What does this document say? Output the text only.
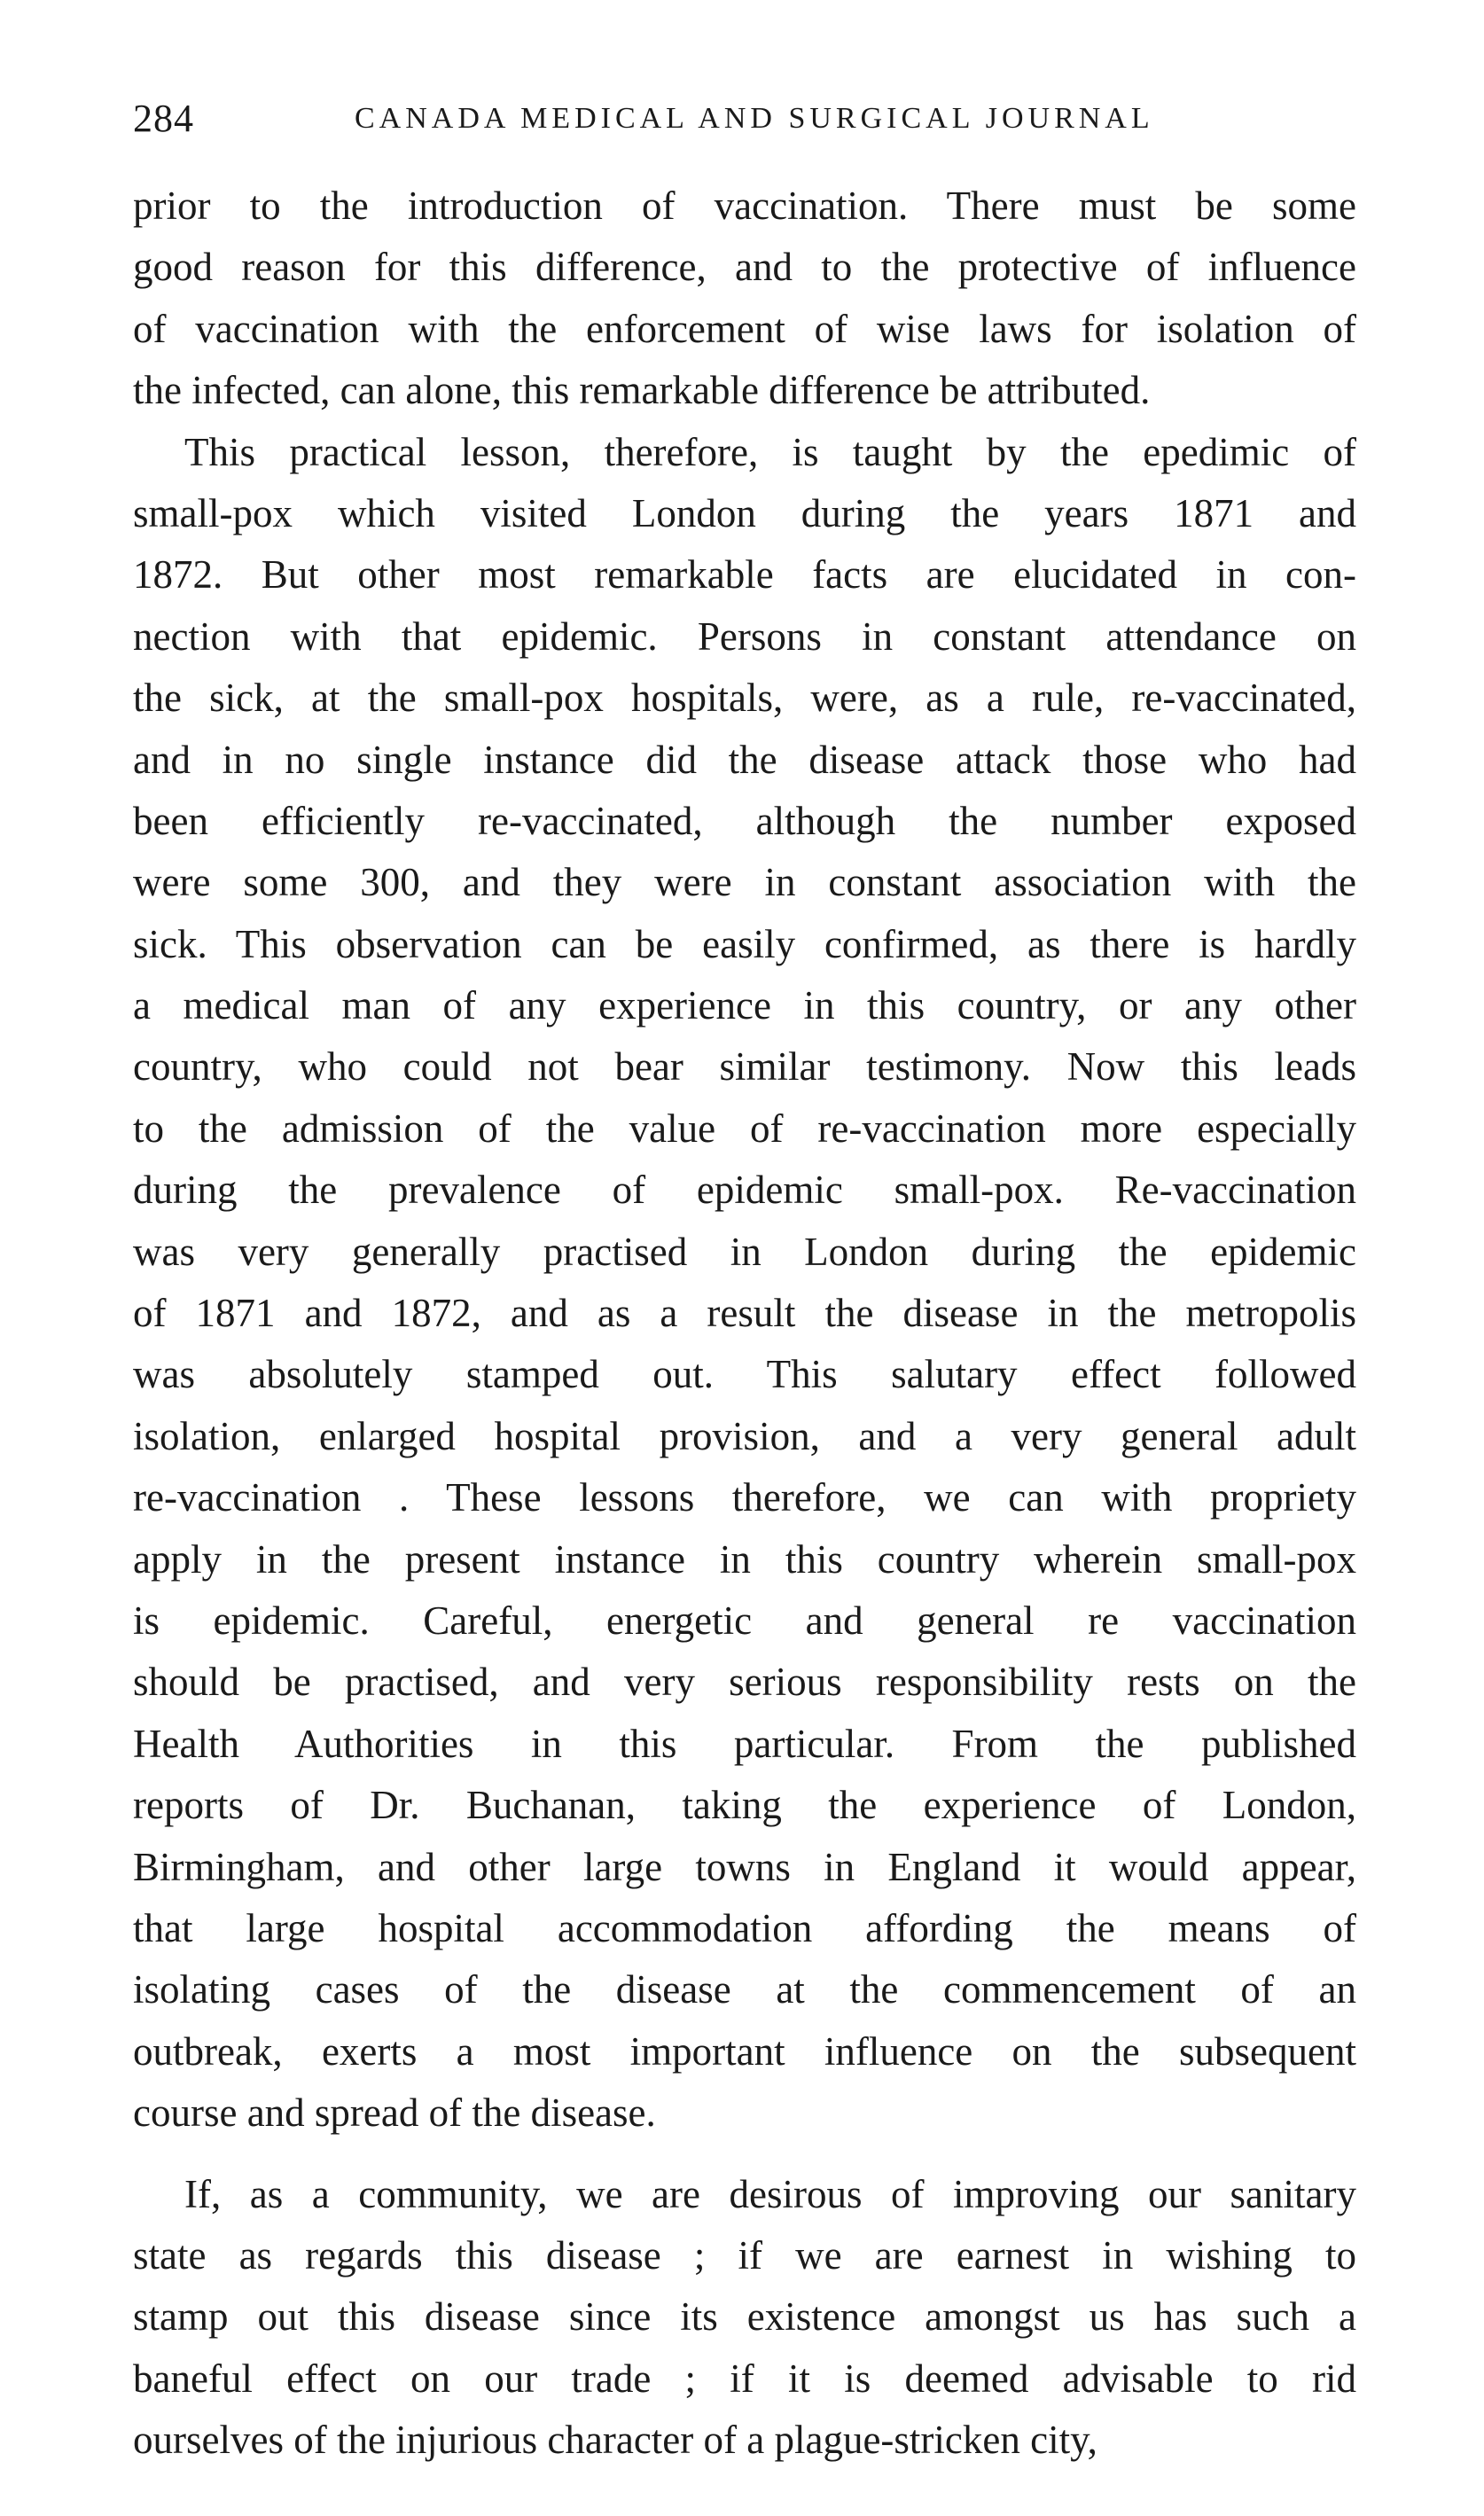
284	CANADA MEDICAL AND SURGICAL JOURNAL
prior to the introduction of vaccination. There must be some
good reason for this difference, and to the protective of influence
of vaccination with the enforcement of wise laws for isolation of
the infected, can alone, this remarkable difference be attributed.
This practical lesson, therefore, is taught by the epedimic of
small-pox which visited London during the years 1871 and
1872. But other most remarkable facts are elucidated in con-
nection with that epidemic. Persons in constant attendance on
the sick, at the small-pox hospitals, were, as a rule, re-vaccinated,
and in no single instance did the disease attack those who had
been efficiently re-vaccinated, although the number exposed
were some 300, and they were in constant association with the
sick. This observation can be easily confirmed, as there is hardly
a medical man of any experience in this country, or any other
country, who could not bear similar testimony. Now this leads
to the admission of the value of re-vaccination more especially
during the prevalence of epidemic small-pox. Re-vaccination
was very generally practised in London during the epidemic
of 1871 and 1872, and as a result the disease in the metropolis
was absolutely stamped out. This salutary effect followed
isolation, enlarged hospital provision, and a very general adult
re-vaccination . These lessons therefore, we can with propriety
apply in the present instance in this country wherein small-pox
is epidemic. Careful, energetic and general re vaccination
should be practised, and very serious responsibility rests on the
Health Authorities in this particular. From the published
reports of Dr. Buchanan, taking the experience of London,
Birmingham, and other large towns in England it would appear,
that large hospital accommodation affording the means of
isolating cases of the disease at the commencement of an
outbreak, exerts a most important influence on the subsequent
course and spread of the disease.
If, as a community, we are desirous of improving our sanitary
state as regards this disease ; if we are earnest in wishing to
stamp out this disease since its existence amongst us has such a
baneful effect on our trade ; if it is deemed advisable to rid
ourselves of the injurious character of a plague-stricken city,
